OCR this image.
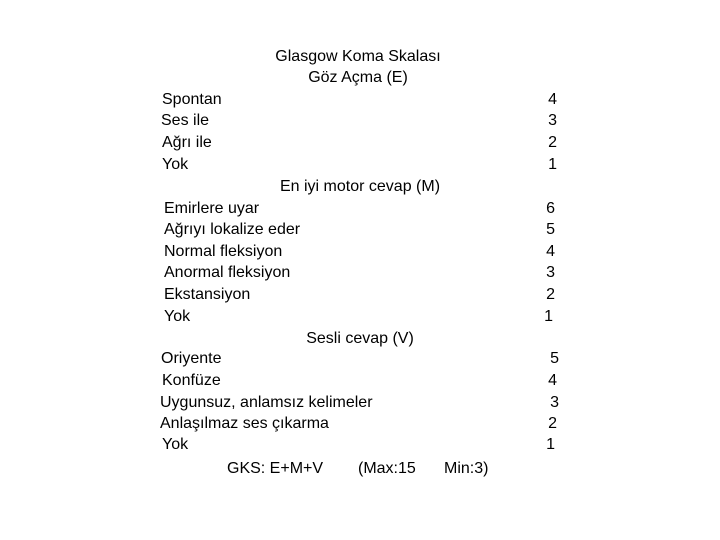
Glasgow Koma Skalası
Göz Açma (E)
Spontan	4
Ses ile	3
Ağrı ile	2
Yok	1
En iyi motor cevap (M)
Emirlere uyar	6
Ağrıyı lokalize eder	5
Normal fleksiyon	4
Anormal fleksiyon	3
Ekstansiyon	2
Yok	1
Sesli cevap (V)
Oriyente	5
Konfüze	4
Uygunsuz, anlamsız kelimeler	3
Anlaşılmaz ses çıkarma	2
Yok	1
GKS: E+M+V (Max:15 Min:3)
